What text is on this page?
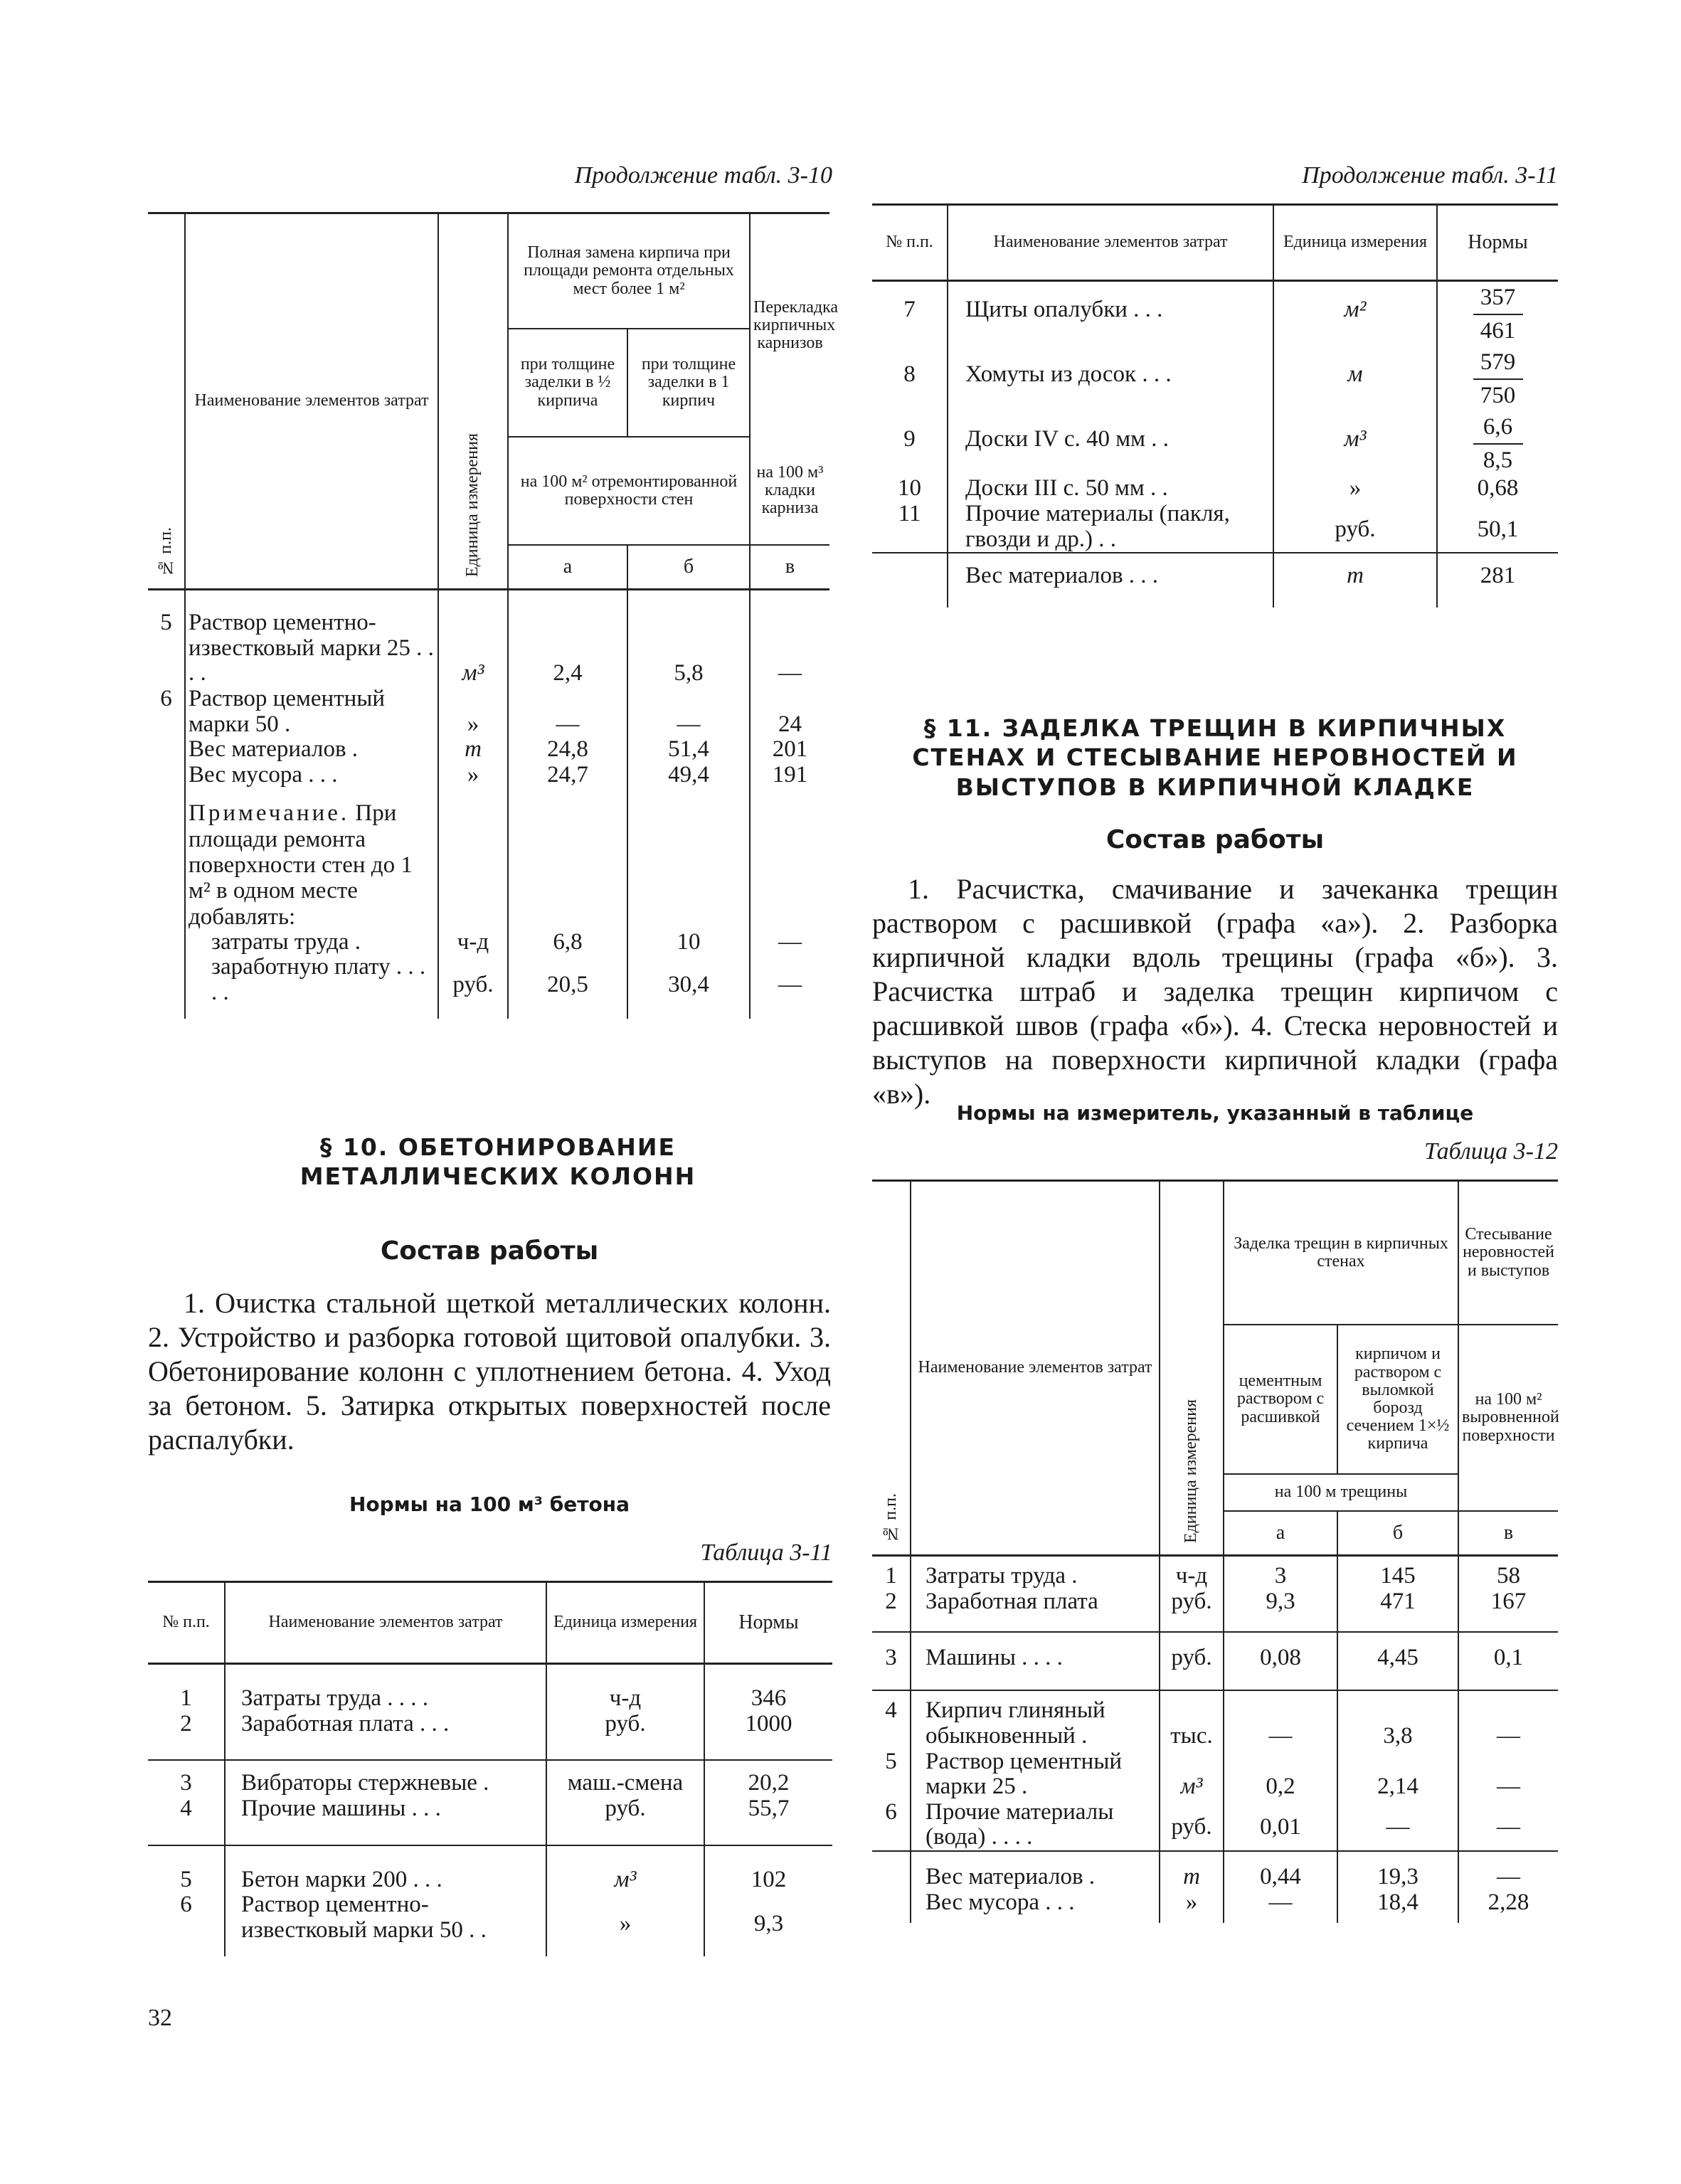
Продолжение табл. 3-10
№ п.п.	Наименование элементов затрат	Единица измерения	Полная замена кирпича при площади ремонта отдельных мест более 1 м²		Перекладка кирпичных карнизов
			при толщине заделки в ½ кирпича	при толщине заделки в 1 кирпич	
			на 100 м² отремонтированной поверхности стен		на 100 м³ кладки карниза
			а	б	в
5	Раствор цементно-известковый марки 25 . . . .	м³	2,4	5,8	—
6	Раствор цементный марки 50 .	»	—	—	24
	Вес материалов .	т	24,8	51,4	201
	Вес мусора . . .	»	24,7	49,4	191
	Примечание. При площади ремонта поверхности стен до 1 м² в одном месте добавлять:				
	затраты труда .	ч-д	6,8	10	—
	заработную плату . . . . .	руб.	20,5	30,4	—
§ 10. ОБЕТОНИРОВАНИЕ МЕТАЛЛИЧЕСКИХ КОЛОНН
Состав работы
1. Очистка стальной щеткой металлических колонн. 2. Устройство и разборка готовой щитовой опалубки. 3. Обетонирование колонн с уплотнением бетона. 4. Уход за бетоном. 5. Затирка открытых поверхностей после распалубки.
Нормы на 100 м³ бетона
Таблица 3-11
№ п.п.	Наименование элементов затрат	Единица измерения	Нормы
1	Затраты труда . . . .	ч-д	346
2	Заработная плата . . .	руб.	1000
3	Вибраторы стержневые .	маш.-смена	20,2
4	Прочие машины . . .	руб.	55,7
5	Бетон марки 200 . . .	м³	102
6	Раствор цементно-известковый марки 50 . .	»	9,3
32
Продолжение табл. 3-11
№ п.п.	Наименование элементов затрат	Единица измерения	Нормы
7	Щиты опалубки . . .	м²	$\frac{357}{461}$

8	Хомуты из досок . . .	м	$\frac{579}{750}$

9	Доски IV с. 40 мм . .	м³	$\frac{6,6}{8,5}$

10	Доски III с. 50 мм . .	»	0,68
11	Прочие материалы (пакля, гвозди и др.) . .	руб.	50,1
	Вес материалов . . .	т	281
§ 11. ЗАДЕЛКА ТРЕЩИН В КИРПИЧНЫХ СТЕНАХ И СТЕСЫВАНИЕ НЕРОВНОСТЕЙ И ВЫСТУПОВ В КИРПИЧНОЙ КЛАДКЕ
Состав работы
1. Расчистка, смачивание и зачеканка трещин раствором с расшивкой (графа «а»). 2. Разборка кирпичной кладки вдоль трещины (графа «б»). 3. Расчистка штраб и заделка трещин кирпичом с расшивкой швов (графа «б»). 4. Стеска неровностей и выступов на поверхности кирпичной кладки (графа «в»).
Нормы на измеритель, указанный в таблице
Таблица 3-12
№ п.п.	Наименование элементов затрат	Единица измерения	Заделка трещин в кирпичных стенах		Стесывание неровностей и выступов
			цементным раствором с расшивкой	кирпичом и раствором с выломкой борозд сечением 1×½ кирпича	на 100 м² выровненной поверхности
			на 100 м трещины		
			а	б	в
1	Затраты труда .	ч-д	3	145	58
2	Заработная плата	руб.	9,3	471	167
3	Машины . . . .	руб.	0,08	4,45	0,1
4	Кирпич глиняный обыкновенный .	тыс.	—	3,8	—
5	Раствор цементный марки 25 .	м³	0,2	2,14	—
6	Прочие материалы (вода) . . . .	руб.	0,01	—	—
	Вес материалов .	т	0,44	19,3	—
	Вес мусора . . .	»	—	18,4	2,28
